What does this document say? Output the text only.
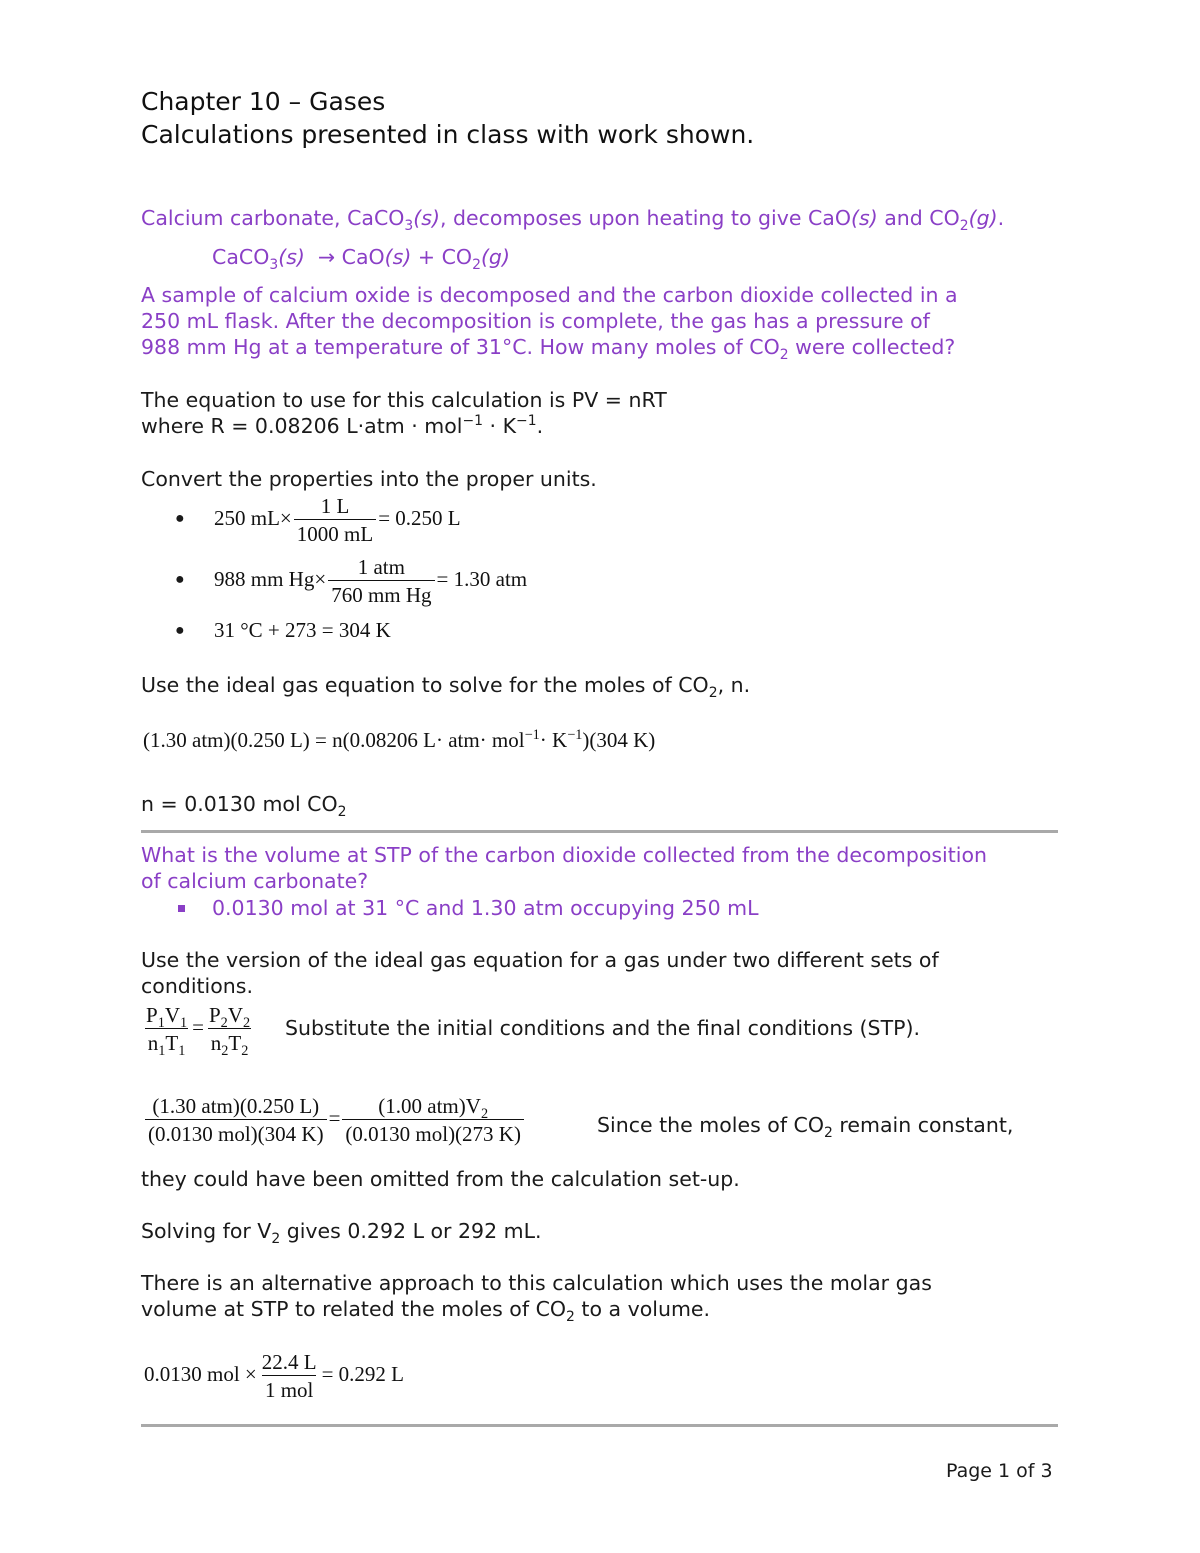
Chapter 10 – Gases
Calculations presented in class with work shown.
Calcium carbonate, CaCO$_3$(s), decomposes upon heating to give CaO(s) and $CO_2(g)$.
CaCO$_3$(s) → $CaO(s) + CO_2(g)$
A sample of calcium oxide is decomposed and the carbon dioxide collected in a
250 mL flask. After the decomposition is complete, the gas has a pressure of
988 mm Hg at a temperature of 31°C. How many moles of $CO_2$ were collected?
The equation to use for this calculation is PV = nRT
where R = 0.08206 $L\cdot atm \cdot mol^{-1} \cdot K^{-1}$.
Convert the properties into the proper units.
● 250 $mL\times \frac{1 L}{1000 mL} = 0.250$ L
● 988 mm $Hg\times \frac{\text{1 atm}}{\text{760 mm Hg}} = 1.30$ atm
● 31 °C + 273 = 304 K
Use the ideal gas equation to solve for the moles of $CO_2$, n.
(1.30 atm)(0.250 L) = n(0.08206 $L\cdot atm\cdot mol^{-1}\cdot K^{-1})(304$ K)
n = 0.0130 mol $CO_2$
What is the volume at STP of the carbon dioxide collected from the decomposition
of calcium carbonate?
0.0130 mol at 31 °C and 1.30 atm occupying 250 mL
Use the version of the ideal gas equation for a gas under two different sets of
conditions.
$\frac{P_1V_1}{n_1T_1} = \frac{P_2V_2}{n_2T_2}$ Substitute the initial conditions and the final conditions (STP).
$\frac{\text{(1.30 atm)(0.250 L)}}{\text{(0.0130 mol)(304 K)}} = \frac{(1.00 atm)V_2}{\text{(0.0130 mol)(273 K)}}$	Since the moles of $CO_2$ remain constant,
they could have been omitted from the calculation set-up.
Solving for $V_2$ gives 0.292 L or 292 mL.
There is an alternative approach to this calculation which uses the molar gas
volume at STP to related the moles of $CO_2$ to a volume.
0.0130 mol × $\frac{22.4 L}{\text{1 mol}} = 0.292$ L
Page 1 of 3
